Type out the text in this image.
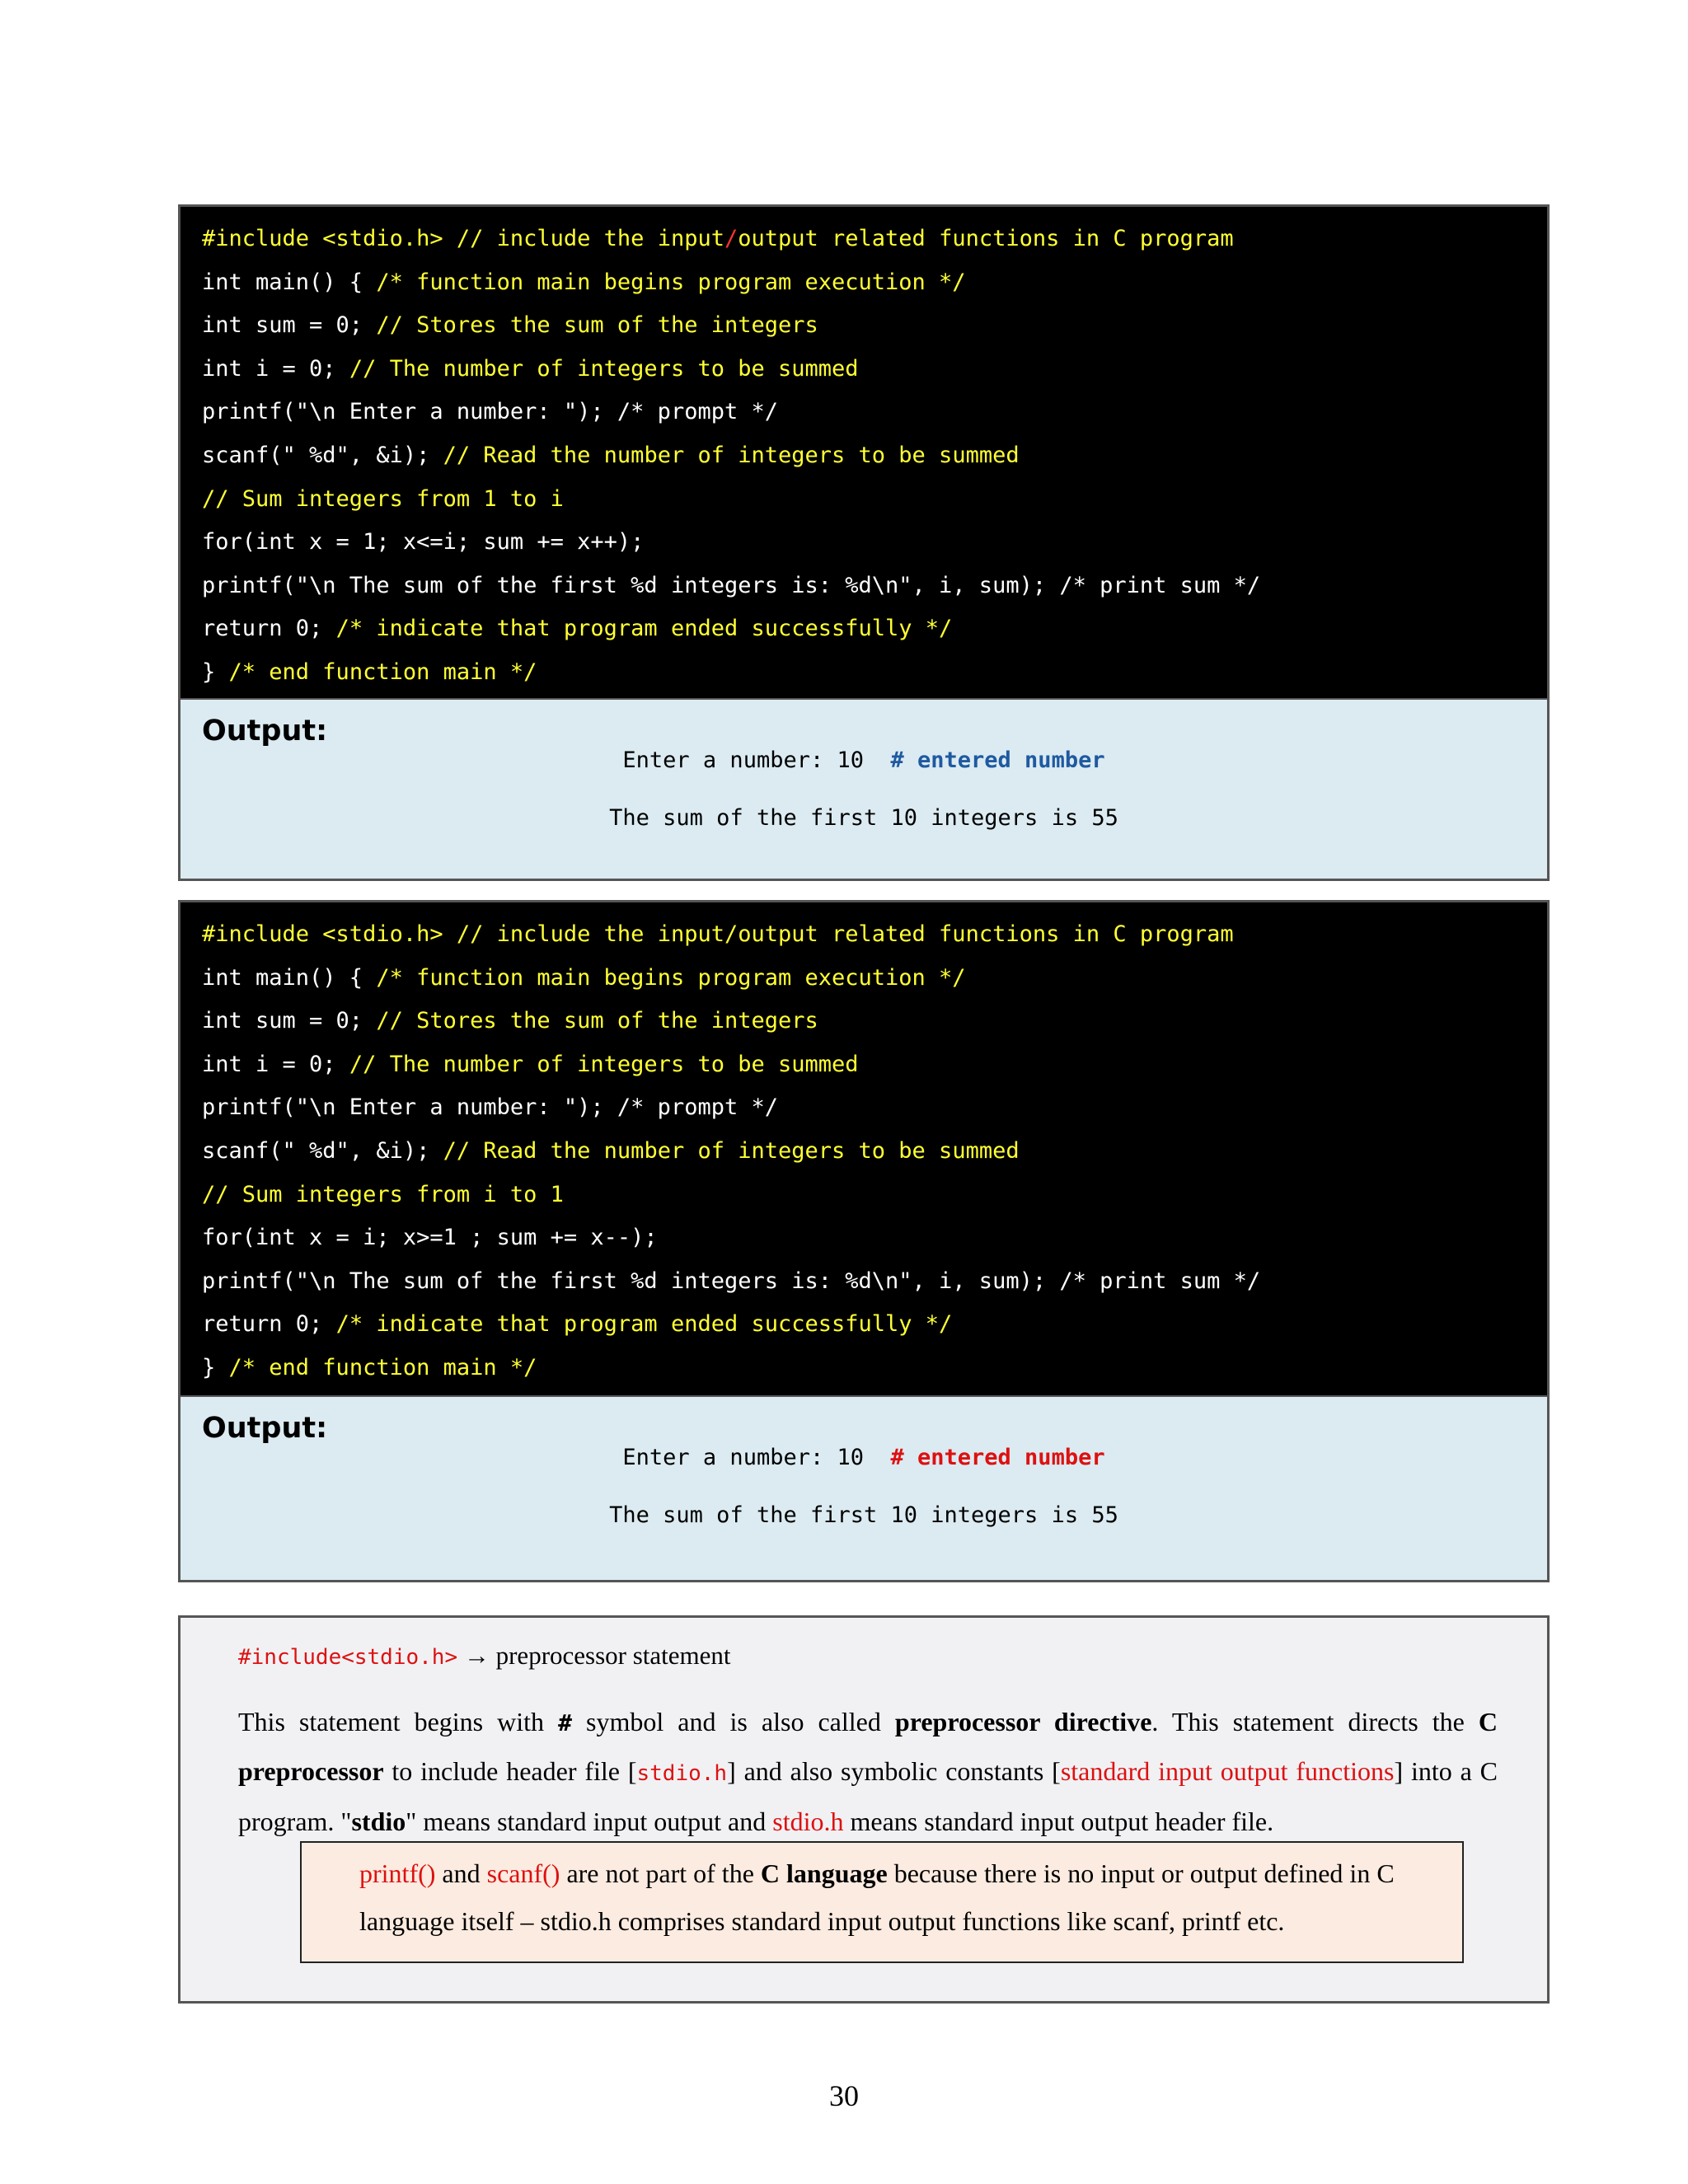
#include <stdio.h> // include the input/output related functions in C program
int main() { /* function main begins program execution */
int sum = 0; // Stores the sum of the integers
int i = 0; // The number of integers to be summed
printf("\n Enter a number: "); /* prompt */
scanf(" %d", &i); // Read the number of integers to be summed
// Sum integers from 1 to i
for(int x = 1; x<=i; sum += x++);
printf("\n The sum of the first %d integers is: %d\n", i, sum); /* print sum */
return 0; /* indicate that program ended successfully */
} /* end function main */
Output:
Enter a number: 10  # entered number
The sum of the first 10 integers is 55
#include <stdio.h> // include the input/output related functions in C program
int main() { /* function main begins program execution */
int sum = 0; // Stores the sum of the integers
int i = 0; // The number of integers to be summed
printf("\n Enter a number: "); /* prompt */
scanf(" %d", &i); // Read the number of integers to be summed
// Sum integers from i to 1
for(int x = i; x>=1 ; sum += x--);
printf("\n The sum of the first %d integers is: %d\n", i, sum); /* print sum */
return 0; /* indicate that program ended successfully */
} /* end function main */
Output:
Enter a number: 10  # entered number
The sum of the first 10 integers is 55
#include<stdio.h> → preprocessor statement
This statement begins with # symbol and is also called preprocessor directive. This statement directs the C preprocessor to include header file [stdio.h] and also symbolic constants [standard input output functions] into a C program. "stdio" means standard input output and stdio.h means standard input output header file.
printf() and scanf() are not part of the C language because there is no input or output defined in C language itself – stdio.h comprises standard input output functions like scanf, printf etc.
30
